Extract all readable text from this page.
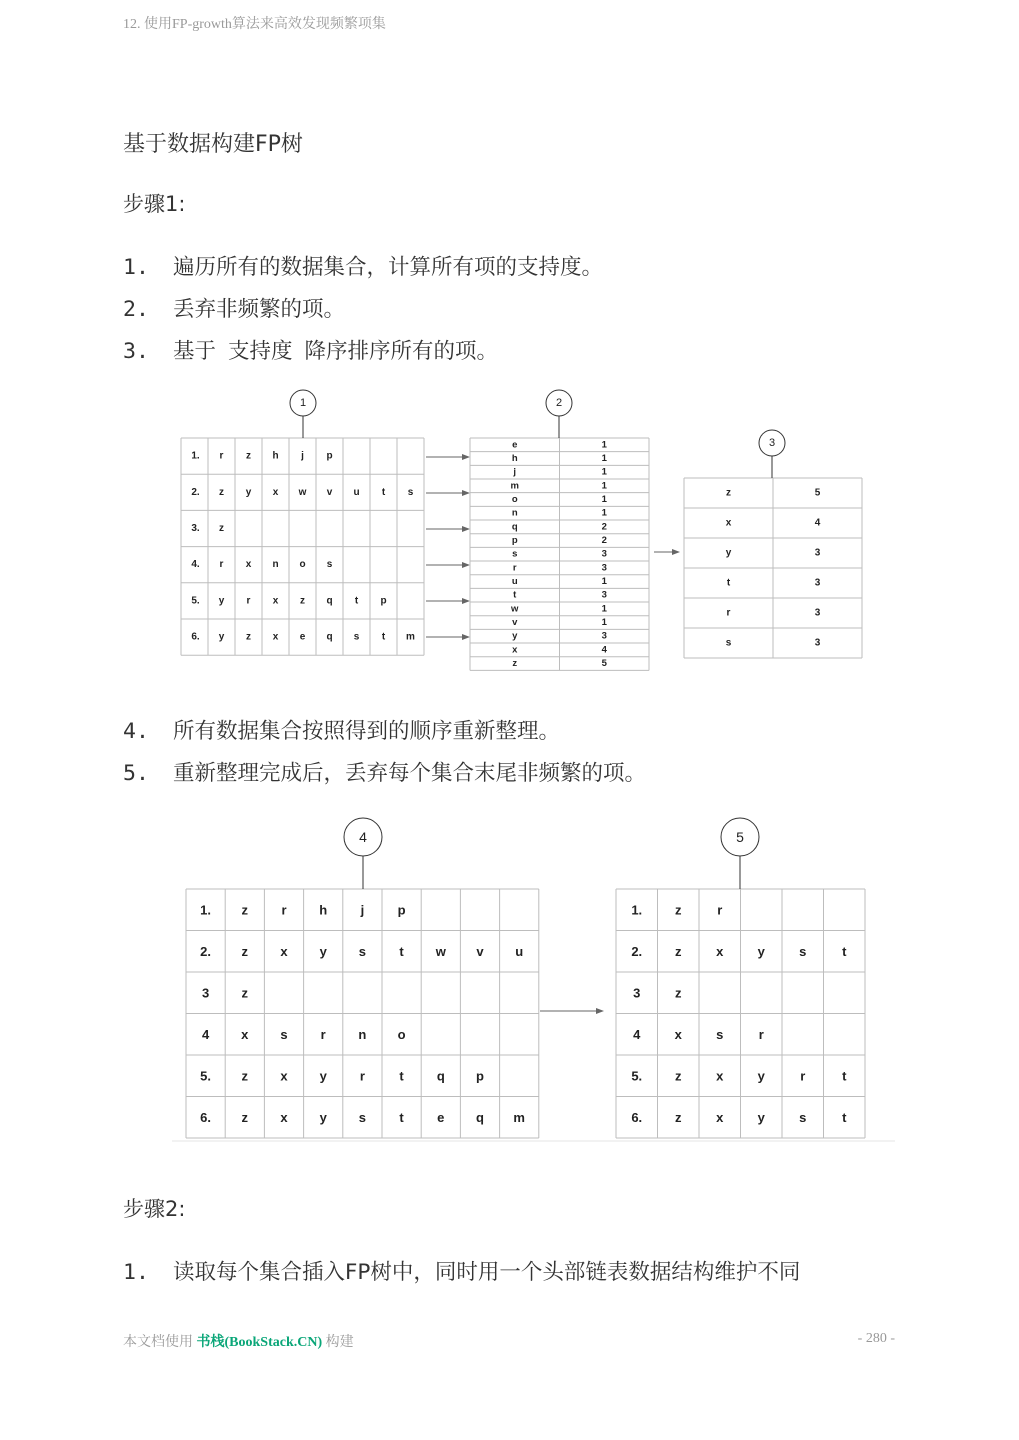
12. 使用FP-growth算法来高效发现频繁项集
基于数据构建FP树
步骤1:
1. 遍历所有的数据集合，计算所有项的支持度。
2. 丢弃非频繁的项。
3. 基于 支持度 降序排序所有的项。
1. r z h j p
2. z y x w v u t s
3. z
4. r x n o s
5. y r x z q t p
6. y z x e q s t m
1
e	1
h	1
j	1
m	1
o	1
n	1
q	2
p	2
s	3
r	3
u	1
t	3
w	1
v	1
y	3
x	4
z	5
2
z	5
x	4
y	3
t	3
r	3
s	3
3
1. z	r	h	j	p
2. z x y s	t w v u
3 z
4 x s	r	n o
5. z x y	r	t	q p
6. z x y s	t	e q m
4
1.	z	r
2.	z	x	y	s	t
3	z
4	x	s	r
5.	z	x	y	r	t
6.	z	x	y	s	t
5
4. 所有数据集合按照得到的顺序重新整理。
5. 重新整理完成后，丢弃每个集合末尾非频繁的项。
步骤2:
1. 读取每个集合插入FP树中，同时用一个头部链表数据结构维护不同
本文档使用 书栈(BookStack.CN) 构建	- 280 -
